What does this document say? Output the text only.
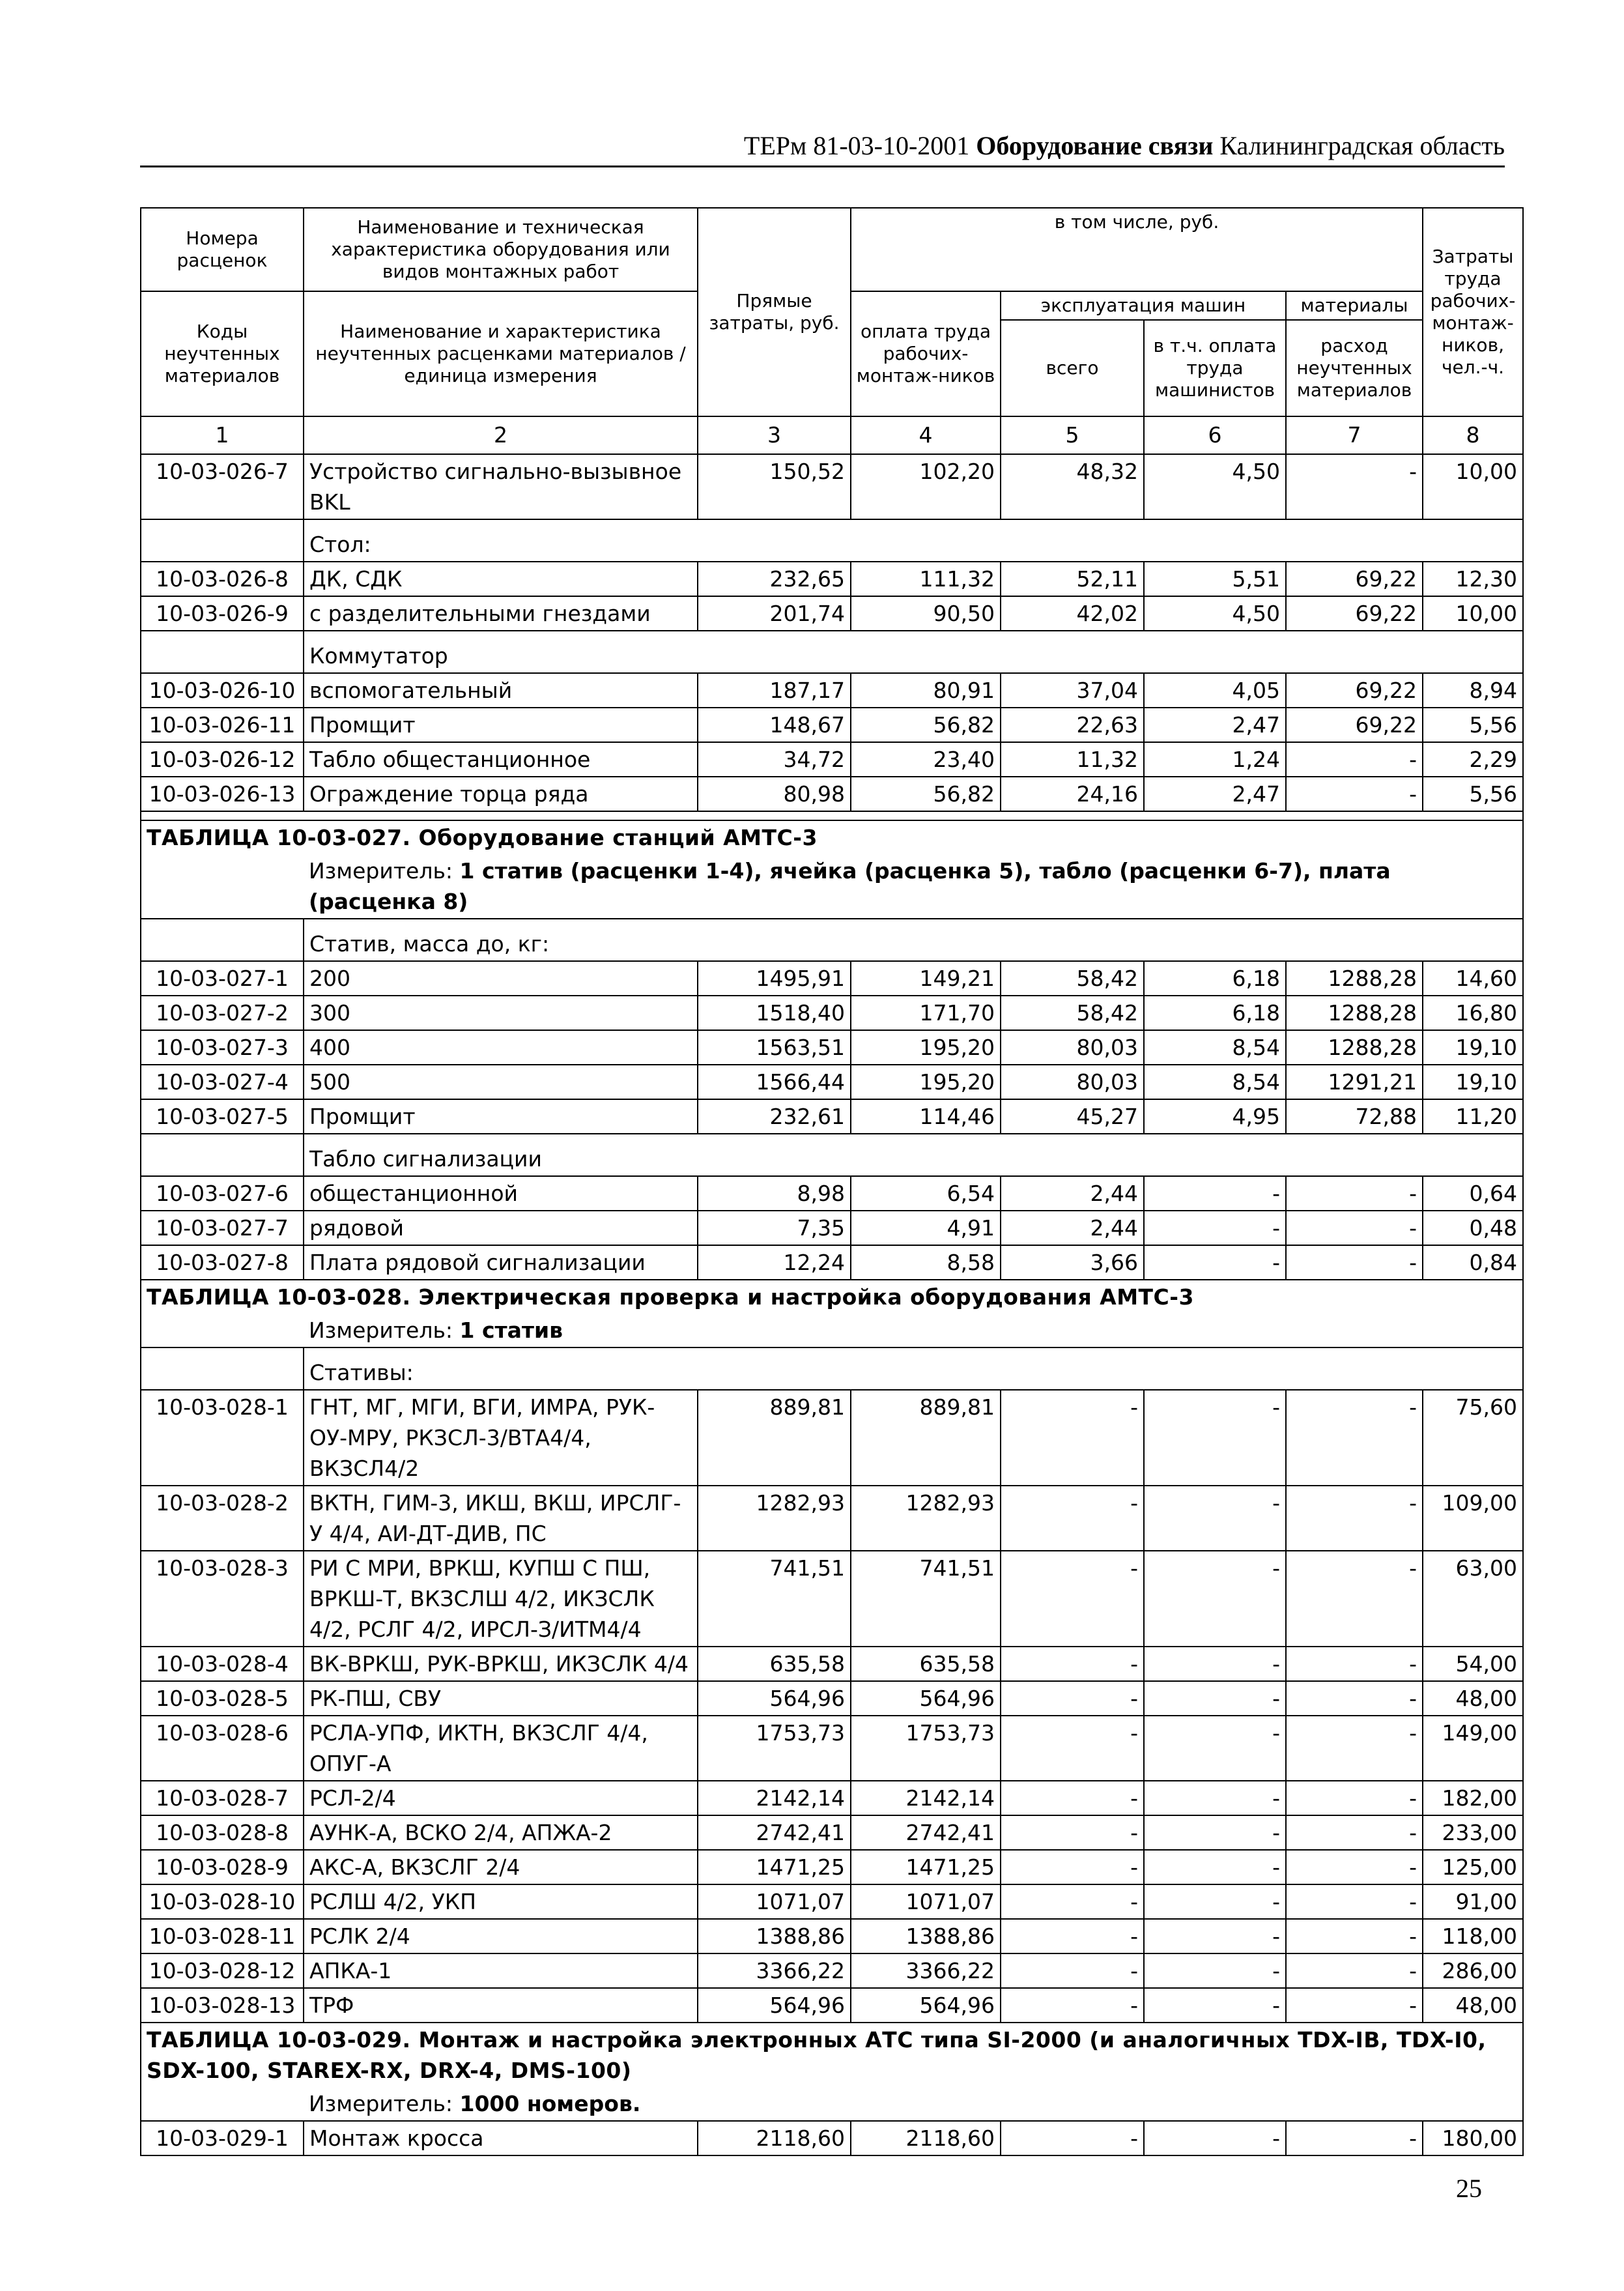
ТЕРм 81-03-10-2001 Оборудование связи Калининградская область
Номера расценок	Наименование и техническая характеристика оборудования или видов монтажных работ	Прямые затраты, руб.	в том числе, руб.				Затраты труда рабочих-монтаж-ников, чел.-ч.
Коды неучтенных материалов	Наименование и характеристика неучтенных расценками материалов / единица измерения		оплата труда рабочих-монтаж-ников	эксплуатация машин		материалы	
				всего	в т.ч. оплата труда машинистов	расход неучтенных материалов	
1	2	3	4	5	6	7	8
10-03-026-7	Устройство сигнально-вызывное BKL	150,52	102,20	48,32	4,50	-	10,00
	Стол:						
10-03-026-8	ДК, СДК	232,65	111,32	52,11	5,51	69,22	12,30
10-03-026-9	с разделительными гнездами	201,74	90,50	42,02	4,50	69,22	10,00
	Коммутатор						
10-03-026-10	вспомогательный	187,17	80,91	37,04	4,05	69,22	8,94
10-03-026-11	Промщит	148,67	56,82	22,63	2,47	69,22	5,56
10-03-026-12	Табло общестанционное	34,72	23,40	11,32	1,24	-	2,29
10-03-026-13	Ограждение торца ряда	80,98	56,82	24,16	2,47	-	5,56

ТАБЛИЦА 10-03-027. Оборудование станций АМТС-3							
	Измеритель: 1 статив (расценки 1-4), ячейка (расценка 5), табло (расценки 6-7), плата (расценка 8)						
	Статив, масса до, кг:						
10-03-027-1	200	1495,91	149,21	58,42	6,18	1288,28	14,60
10-03-027-2	300	1518,40	171,70	58,42	6,18	1288,28	16,80
10-03-027-3	400	1563,51	195,20	80,03	8,54	1288,28	19,10
10-03-027-4	500	1566,44	195,20	80,03	8,54	1291,21	19,10
10-03-027-5	Промщит	232,61	114,46	45,27	4,95	72,88	11,20
	Табло сигнализации						
10-03-027-6	общестанционной	8,98	6,54	2,44	-	-	0,64
10-03-027-7	рядовой	7,35	4,91	2,44	-	-	0,48
10-03-027-8	Плата рядовой сигнализации	12,24	8,58	3,66	-	-	0,84
ТАБЛИЦА 10-03-028. Электрическая проверка и настройка оборудования АМТС-3							
	Измеритель: 1 статив						
	Стативы:						
10-03-028-1	ГНТ, МГ, МГИ, ВГИ, ИМРА, РУК-ОУ-МРУ, РКЗСЛ-3/ВТА4/4, ВКЗСЛ4/2	889,81	889,81	-	-	-	75,60
10-03-028-2	ВКТН, ГИМ-3, ИКШ, ВКШ, ИРСЛГ-У 4/4, АИ-ДТ-ДИВ, ПС	1282,93	1282,93	-	-	-	109,00
10-03-028-3	РИ С МРИ, ВРКШ, КУПШ С ПШ, ВРКШ-Т, ВКЗСЛШ 4/2, ИКЗСЛК 4/2, РСЛГ 4/2, ИРСЛ-З/ИТМ4/4	741,51	741,51	-	-	-	63,00
10-03-028-4	ВК-ВРКШ, РУК-ВРКШ, ИКЗСЛК 4/4	635,58	635,58	-	-	-	54,00
10-03-028-5	РК-ПШ, СВУ	564,96	564,96	-	-	-	48,00
10-03-028-6	РСЛА-УПФ, ИКТН, ВКЗСЛГ 4/4, ОПУГ-А	1753,73	1753,73	-	-	-	149,00
10-03-028-7	РСЛ-2/4	2142,14	2142,14	-	-	-	182,00
10-03-028-8	АУНК-А, ВСКО 2/4, АПЖА-2	2742,41	2742,41	-	-	-	233,00
10-03-028-9	АКС-А, ВКЗСЛГ 2/4	1471,25	1471,25	-	-	-	125,00
10-03-028-10	РСЛШ 4/2, УКП	1071,07	1071,07	-	-	-	91,00
10-03-028-11	РСЛК 2/4	1388,86	1388,86	-	-	-	118,00
10-03-028-12	АПКА-1	3366,22	3366,22	-	-	-	286,00
10-03-028-13	ТРФ	564,96	564,96	-	-	-	48,00
ТАБЛИЦА 10-03-029. Монтаж и настройка электронных АТС типа SI-2000 (и аналогичных TDX-IB, TDX-I0, SDX-100, STAREX-RX, DRX-4, DMS-100)							
	Измеритель: 1000 номеров.						
10-03-029-1	Монтаж кросса	2118,60	2118,60	-	-	-	180,00
25
